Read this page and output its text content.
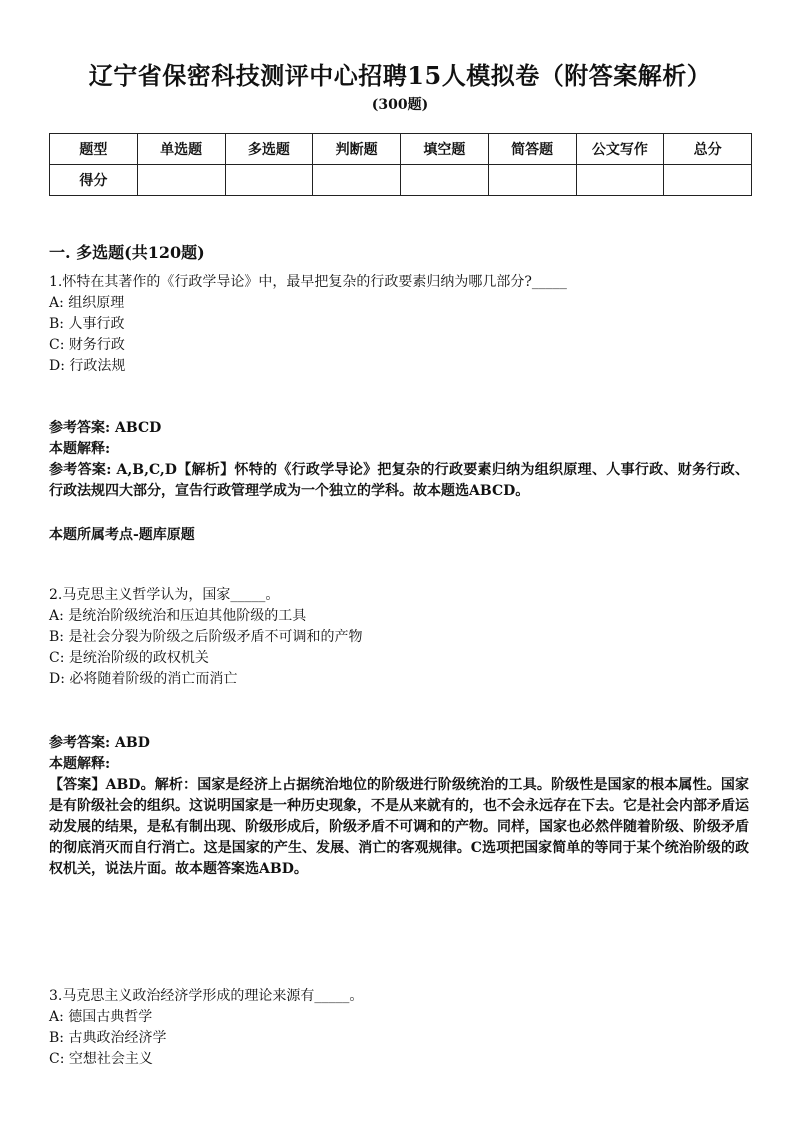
辽宁省保密科技测评中心招聘15人模拟卷（附答案解析）
(300题)
题型	单选题	多选题	判断题	填空题	简答题	公文写作	总分
得分							
一. 多选题(共120题)
1.怀特在其著作的《行政学导论》中，最早把复杂的行政要素归纳为哪几部分?_____
A: 组织原理
B: 人事行政
C: 财务行政
D: 行政法规
参考答案: ABCD
本题解释:
参考答案: A,B,C,D【解析】怀特的《行政学导论》把复杂的行政要素归纳为组织原理、人事行政、财务行政、行政法规四大部分，宣告行政管理学成为一个独立的学科。故本题选ABCD。
本题所属考点-题库原题
2.马克思主义哲学认为，国家_____。
A: 是统治阶级统治和压迫其他阶级的工具
B: 是社会分裂为阶级之后阶级矛盾不可调和的产物
C: 是统治阶级的政权机关
D: 必将随着阶级的消亡而消亡
参考答案: ABD
本题解释:
【答案】ABD。解析：国家是经济上占据统治地位的阶级进行阶级统治的工具。阶级性是国家的根本属性。国家是有阶级社会的组织。这说明国家是一种历史现象，不是从来就有的，也不会永远存在下去。它是社会内部矛盾运动发展的结果，是私有制出现、阶级形成后，阶级矛盾不可调和的产物。同样，国家也必然伴随着阶级、阶级矛盾的彻底消灭而自行消亡。这是国家的产生、发展、消亡的客观规律。C选项把国家简单的等同于某个统治阶级的政权机关，说法片面。故本题答案选ABD。
3.马克思主义政治经济学形成的理论来源有_____。
A: 德国古典哲学
B: 古典政治经济学
C: 空想社会主义
